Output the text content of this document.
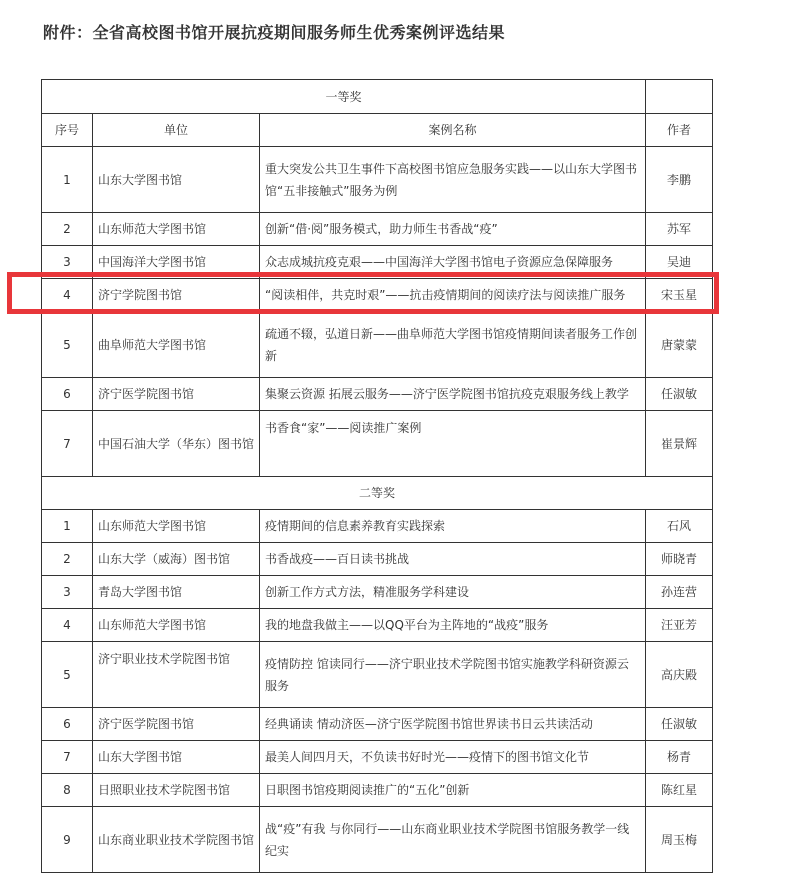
附件：全省高校图书馆开展抗疫期间服务师生优秀案例评选结果
一等奖			
序号	单位	案例名称	作者
1	山东大学图书馆	重大突发公共卫生事件下高校图书馆应急服务实践——以山东大学图书馆“五非接触式”服务为例	李鹏
2	山东师范大学图书馆	创新“借·阅”服务模式，助力师生书香战“疫”	苏军
3	中国海洋大学图书馆	众志成城抗疫克艰——中国海洋大学图书馆电子资源应急保障服务	吴迪
4	济宁学院图书馆	“阅读相伴，共克时艰”——抗击疫情期间的阅读疗法与阅读推广服务	宋玉星
5	曲阜师范大学图书馆	疏通不辍，弘道日新——曲阜师范大学图书馆疫情期间读者服务工作创新	唐蒙蒙
6	济宁医学院图书馆	集聚云资源 拓展云服务——济宁医学院图书馆抗疫克艰服务线上教学	任淑敏
7	中国石油大学（华东）图书馆	书香食“家”——阅读推广案例	崔景辉
二等奖			
1	山东师范大学图书馆	疫情期间的信息素养教育实践探索	石风
2	山东大学（威海）图书馆	书香战疫——百日读书挑战	师晓青
3	青岛大学图书馆	创新工作方式方法，精准服务学科建设	孙连营
4	山东师范大学图书馆	我的地盘我做主——以QQ平台为主阵地的“战疫”服务	汪亚芳
5	济宁职业技术学院图书馆	疫情防控 馆读同行——济宁职业技术学院图书馆实施教学科研资源云服务	高庆殿
6	济宁医学院图书馆	经典诵读 情动济医—济宁医学院图书馆世界读书日云共读活动	任淑敏
7	山东大学图书馆	最美人间四月天，不负读书好时光——疫情下的图书馆文化节	杨青
8	日照职业技术学院图书馆	日职图书馆疫期阅读推广的“五化”创新	陈红星
9	山东商业职业技术学院图书馆	战“疫”有我 与你同行——山东商业职业技术学院图书馆服务教学一线纪实	周玉梅
